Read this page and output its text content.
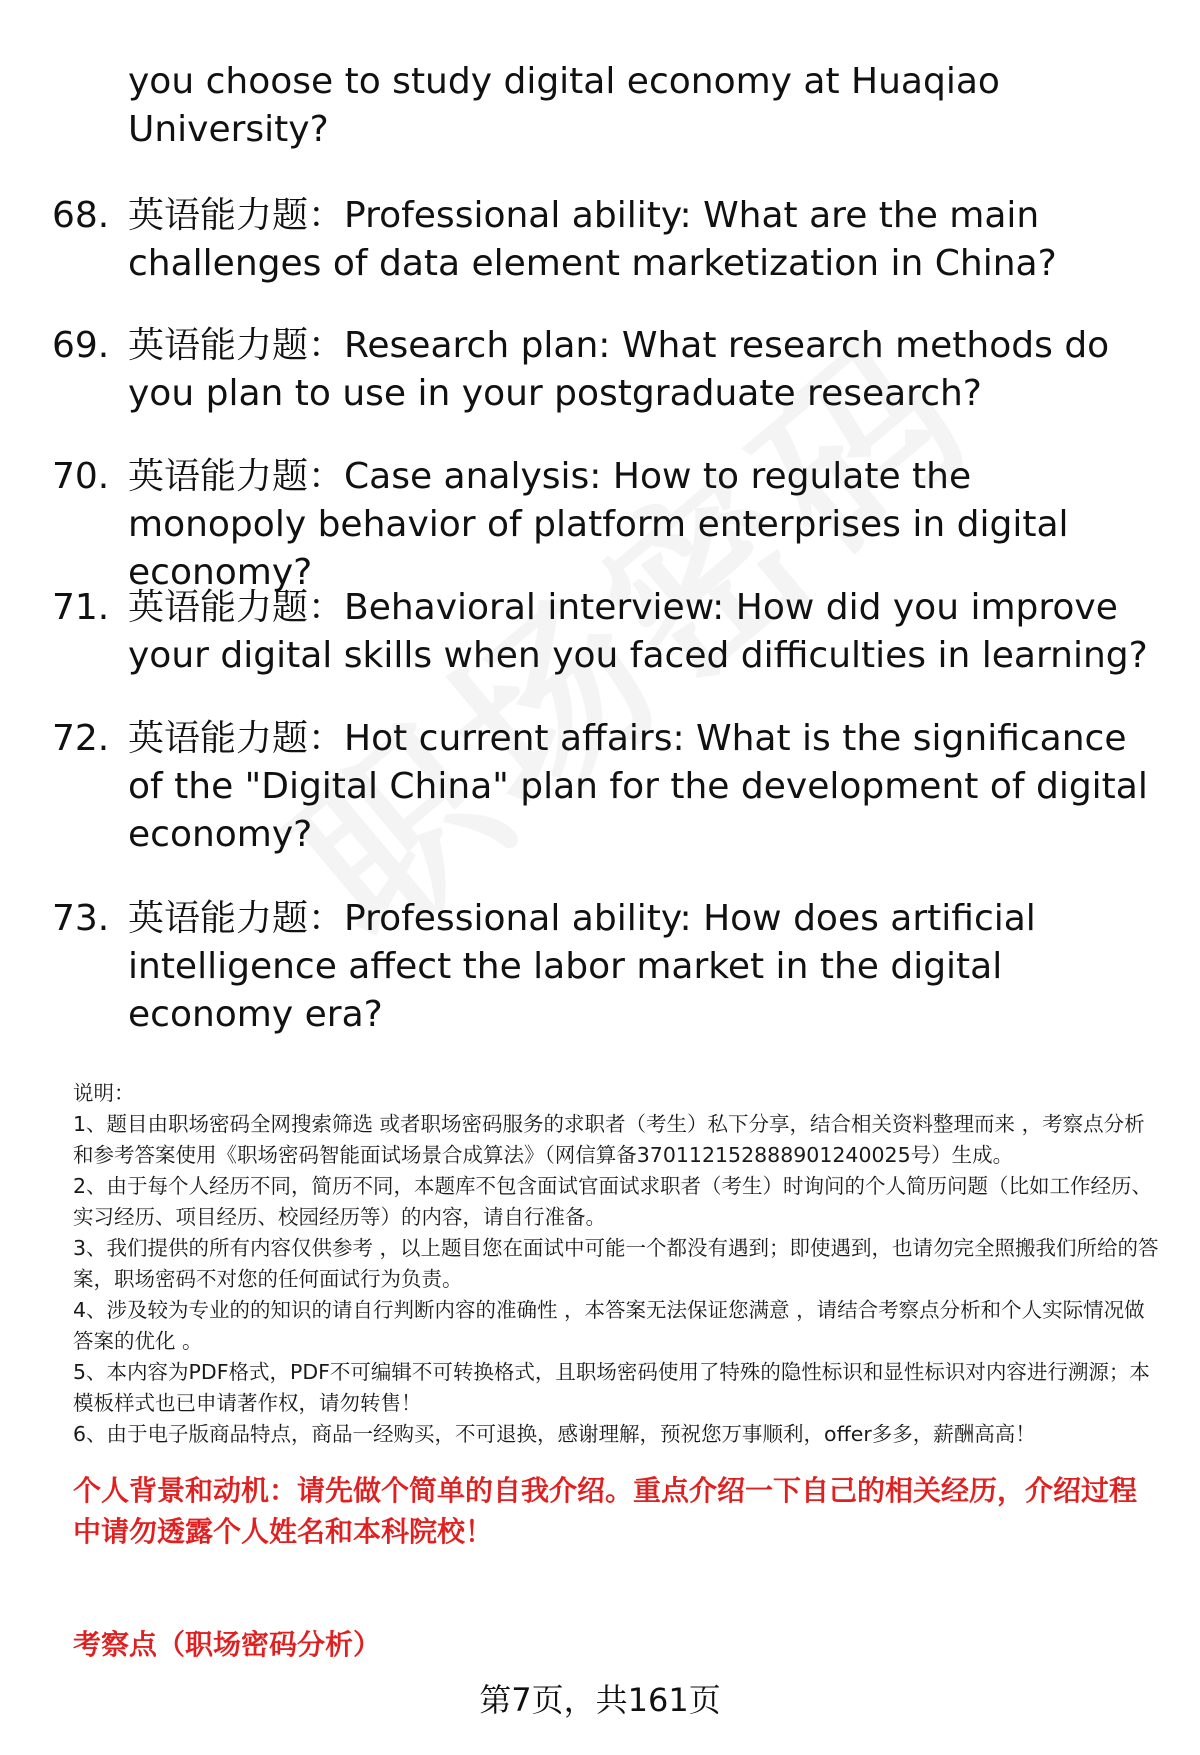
you choose to study digital economy at Huaqiao University?
68. 英语能力题：Professional ability: What are the main challenges of data element marketization in China?
69. 英语能力题：Research plan: What research methods do you plan to use in your postgraduate research?
70. 英语能力题：Case analysis: How to regulate the monopoly behavior of platform enterprises in digital economy?
71. 英语能力题：Behavioral interview: How did you improve your digital skills when you faced difficulties in learning?
72. 英语能力题：Hot current affairs: What is the significance of the "Digital China" plan for the development of digital economy?
73. 英语能力题：Professional ability: How does artificial intelligence affect the labor market in the digital economy era?
说明：
1、题目由职场密码全网搜索筛选 或者职场密码服务的求职者（考生）私下分享，结合相关资料整理而来 ，考察点分析和参考答案使用《职场密码智能面试场景合成算法》（网信算备370112152888901240025号）生成。
2、由于每个人经历不同，简历不同，本题库不包含面试官面试求职者（考生）时询问的个人简历问题（比如工作经历、实习经历、项目经历、校园经历等）的内容，请自行准备。
3、我们提供的所有内容仅供参考 ，以上题目您在面试中可能一个都没有遇到；即使遇到，也请勿完全照搬我们所给的答案，职场密码不对您的任何面试行为负责。
4、涉及较为专业的的知识的请自行判断内容的准确性 ，本答案无法保证您满意 ，请结合考察点分析和个人实际情况做答案的优化 。
5、本内容为PDF格式，PDF不可编辑不可转换格式，且职场密码使用了特殊的隐性标识和显性标识对内容进行溯源；本模板样式也已申请著作权，请勿转售！
6、由于电子版商品特点，商品一经购买，不可退换，感谢理解，预祝您万事顺利，offer多多，薪酬高高！
个人背景和动机：请先做个简单的自我介绍。重点介绍一下自己的相关经历，介绍过程中请勿透露个人姓名和本科院校！
考察点（职场密码分析）
第7页，共161页
